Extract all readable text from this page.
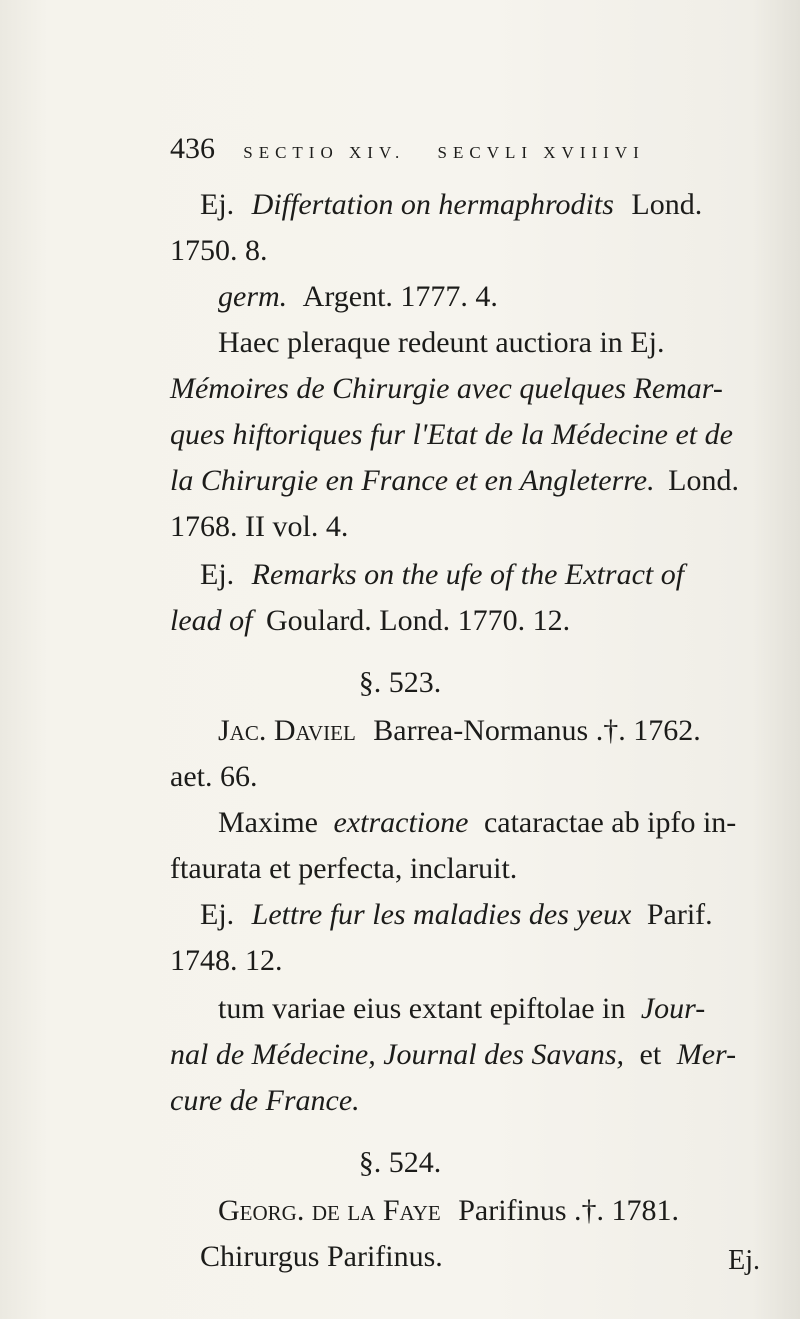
436 SECTIO XIV. SECVLI XVIIIVI
Ej. Differtation on hermaphrodits Lond.
1750. 8.
germ. Argent. 1777. 4.
Haec pleraque redeunt auctiora in Ej.
Mémoires de Chirurgie avec quelques Remar-
ques hiftoriques fur l'Etat de la Médecine et de
la Chirurgie en France et en Angleterre. Lond.
1768. II vol. 4.
Ej. Remarks on the ufe of the Extract of
lead of Goulard. Lond. 1770. 12.
§. 523.
Jac. Daviel Barrea-Normanus .†. 1762.
aet. 66.
Maxime extractione cataractae ab ipfo in-
ftaurata et perfecta, inclaruit.
Ej. Lettre fur les maladies des yeux Parif.
1748. 12.
tum variae eius extant epiftolae in Jour-
nal de Médecine, Journal des Savans, et Mer-
cure de France.
§. 524.
Georg. de la Faye Parifinus .†. 1781.
Chirurgus Parifinus.	Ej.
